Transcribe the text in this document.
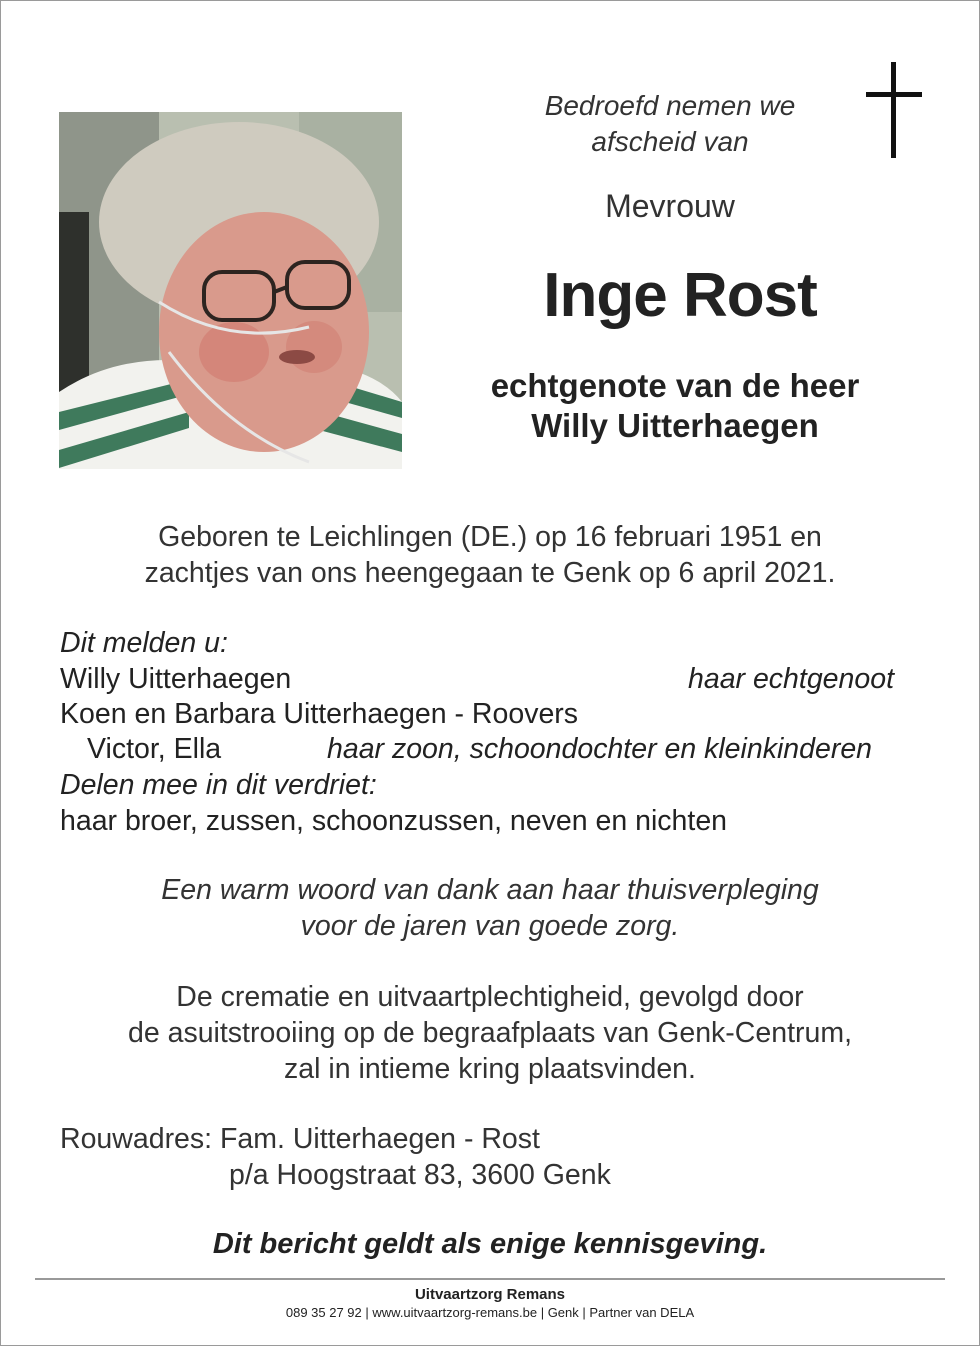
Bedroefd nemen we
afscheid van
Mevrouw
Inge Rost
echtgenote van de heer
Willy Uitterhaegen
Geboren te Leichlingen (DE.) op 16 februari 1951 en
zachtjes van ons heengegaan te Genk op 6 april 2021.
Dit melden u:
Willy Uitterhaegen	haar echtgenoot
Koen en Barbara Uitterhaegen - Roovers
Victor, Ella	haar zoon, schoondochter en kleinkinderen
Delen mee in dit verdriet:
haar broer, zussen, schoonzussen, neven en nichten
Een warm woord van dank aan haar thuisverpleging
voor de jaren van goede zorg.
De crematie en uitvaartplechtigheid, gevolgd door
de asuitstrooiing op de begraafplaats van Genk-Centrum,
zal in intieme kring plaatsvinden.
Rouwadres: Fam. Uitterhaegen - Rost
p/a Hoogstraat 83, 3600 Genk
Dit bericht geldt als enige kennisgeving.
Uitvaartzorg Remans
089 35 27 92 | www.uitvaartzorg-remans.be | Genk | Partner van DELA
